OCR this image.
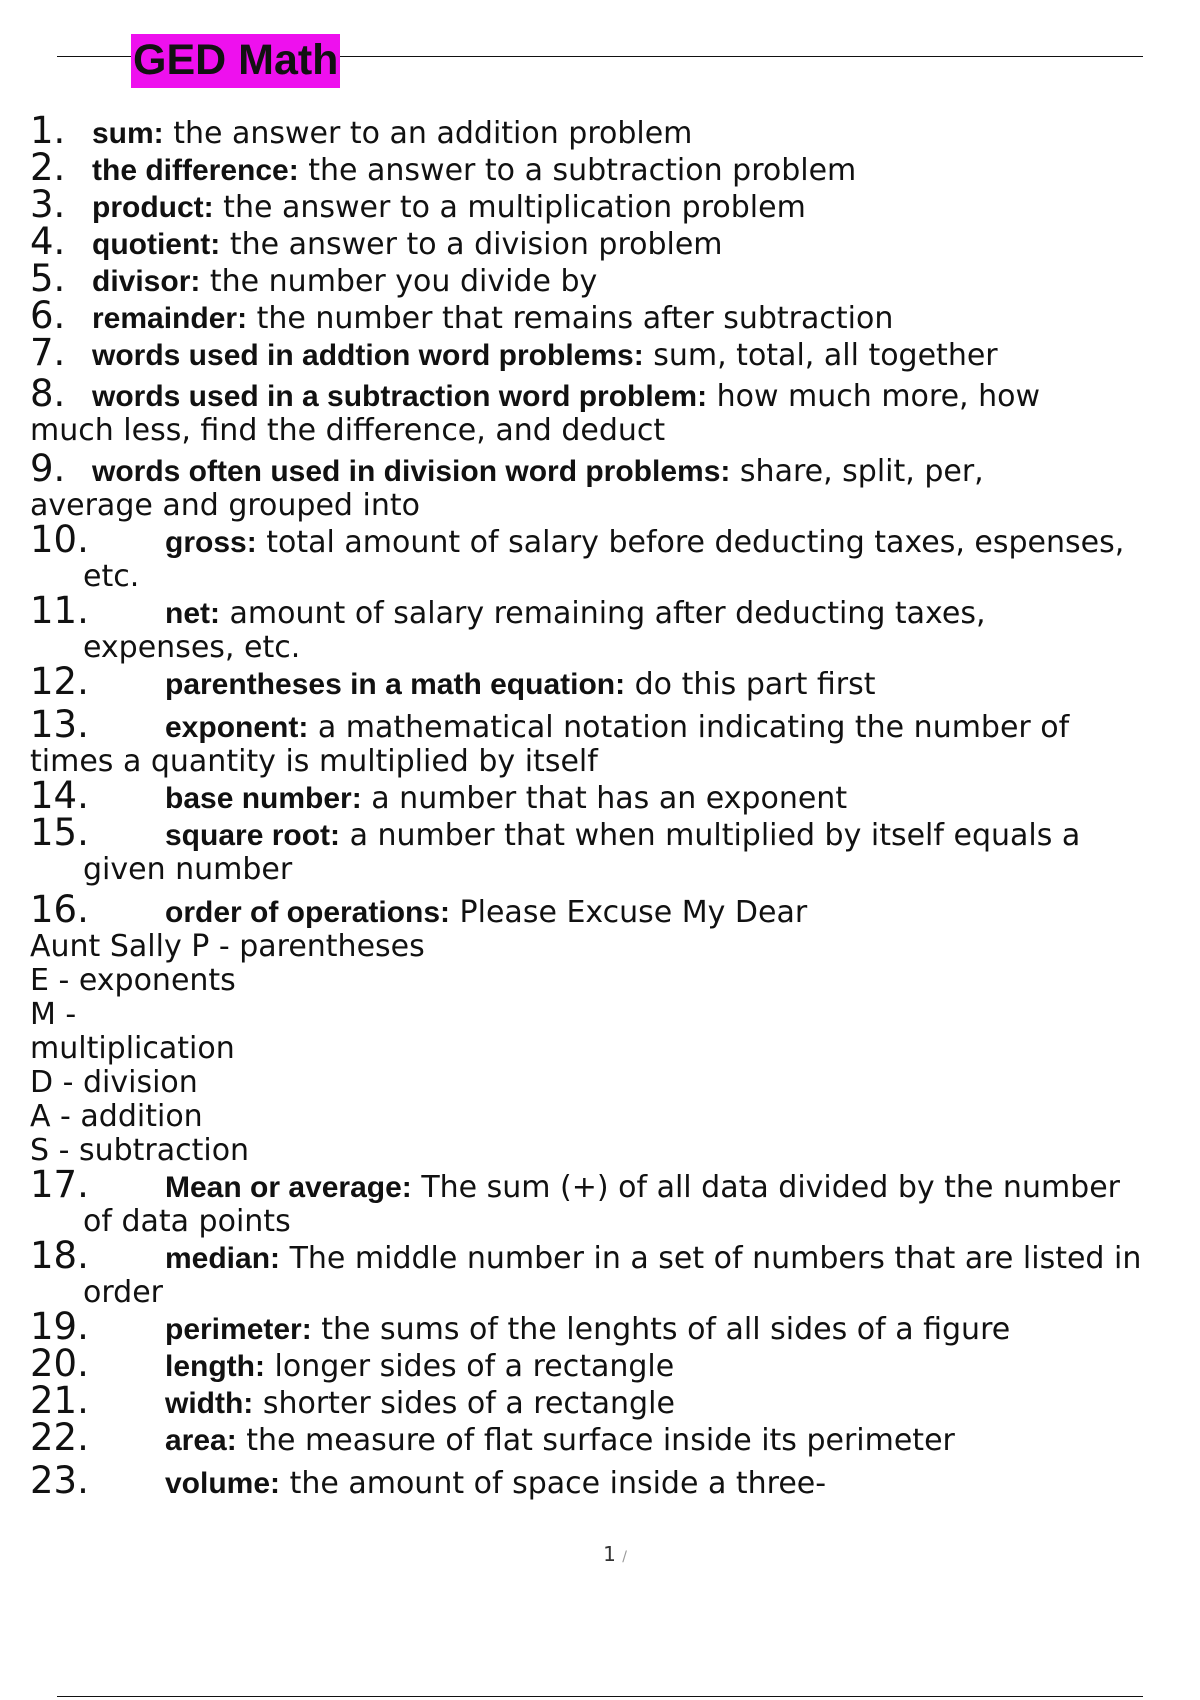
GED Math
1. sum: the answer to an addition problem
2. the difference: the answer to a subtraction problem
3. product: the answer to a multiplication problem
4. quotient: the answer to a division problem
5. divisor: the number you divide by
6. remainder: the number that remains after subtraction
7. words used in addtion word problems: sum, total, all together
8. words used in a subtraction word problem: how much more, how
much less, find the difference, and deduct
9. words often used in division word problems: share, split, per,
average and grouped into
10.	gross: total amount of salary before deducting taxes, espenses,
etc.
11.	net: amount of salary remaining after deducting taxes,
expenses, etc.
12.	parentheses in a math equation: do this part first
13.	exponent: a mathematical notation indicating the number of
times a quantity is multiplied by itself
14.	base number: a number that has an exponent
15.	square root: a number that when multiplied by itself equals a
given number
16.	order of operations: Please Excuse My Dear
Aunt Sally P - parentheses
E - exponents
M -
multiplication
D - division
A - addition
S - subtraction
17.	Mean or average: The sum (+) of all data divided by the number
of data points
18.	median: The middle number in a set of numbers that are listed in
order
19.	perimeter: the sums of the lenghts of all sides of a figure
20.	length: longer sides of a rectangle
21.	width: shorter sides of a rectangle
22.	area: the measure of flat surface inside its perimeter
23.	volume: the amount of space inside a three-
1 /
